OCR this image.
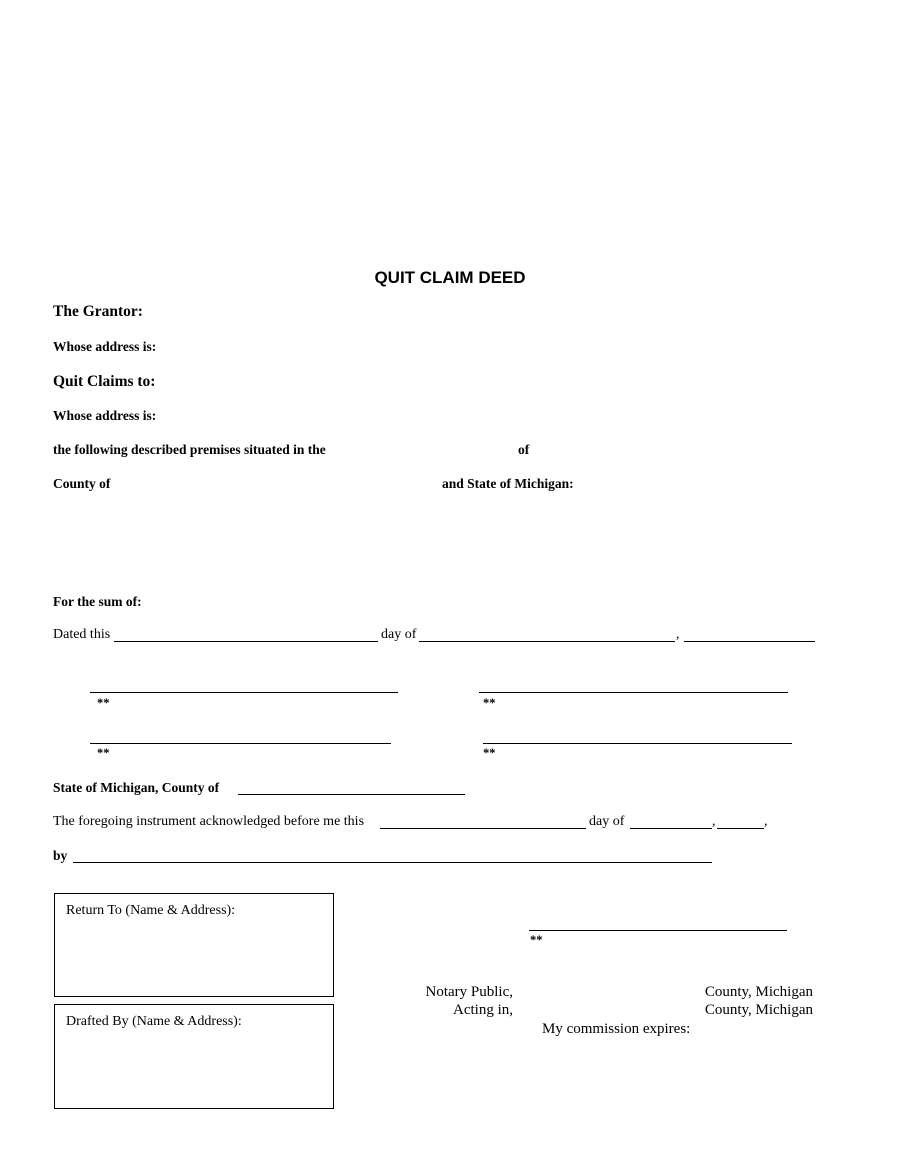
QUIT CLAIM DEED
The Grantor:
Whose address is:
Quit Claims to:
Whose address is:
the following described premises situated in the	of
County of	and State of Michigan:
For the sum of:
Dated this	day of	,
**	**
**	**
State of Michigan, County of
The foregoing instrument acknowledged before me this	day of	,	,
by
Return To (Name & Address):
Drafted By (Name & Address):
**
Notary Public,
Acting in,
County, Michigan
County, Michigan
My commission expires:
